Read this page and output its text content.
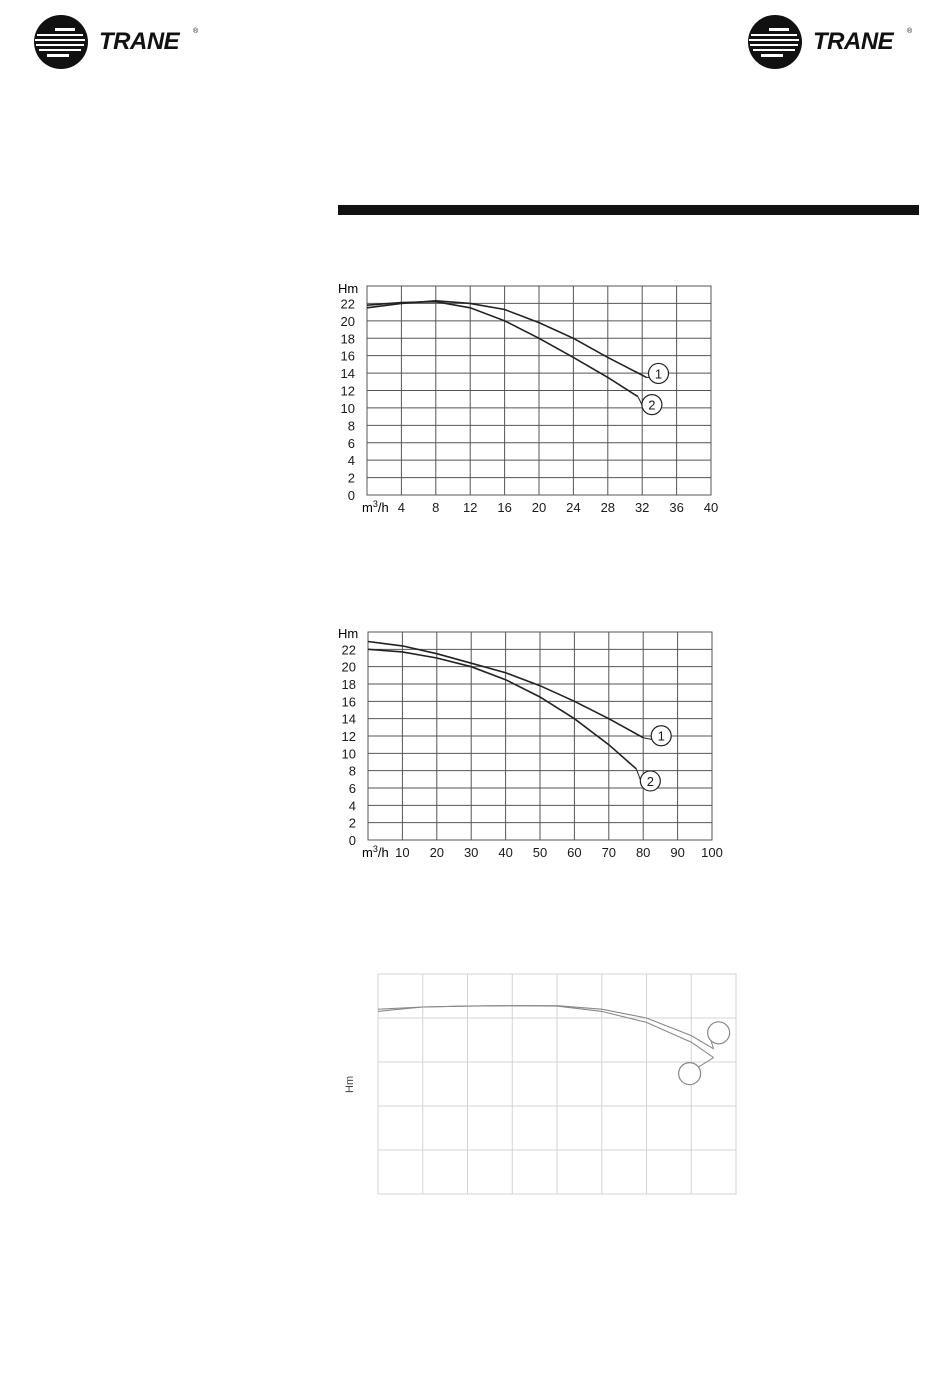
TRANE ®	TRANE ®
Hm
0
2
4
6
8
10
12
14
16
18
20
22
4 8 12 16 20 24 28 32 36 40
$m^3/h$
1
2
Hm
0
2
4
6
8
10
12
14
16
18
20
22
10 20 30 40 50 60 70 80 90 100
$m^3/h$
1
2
Hm
